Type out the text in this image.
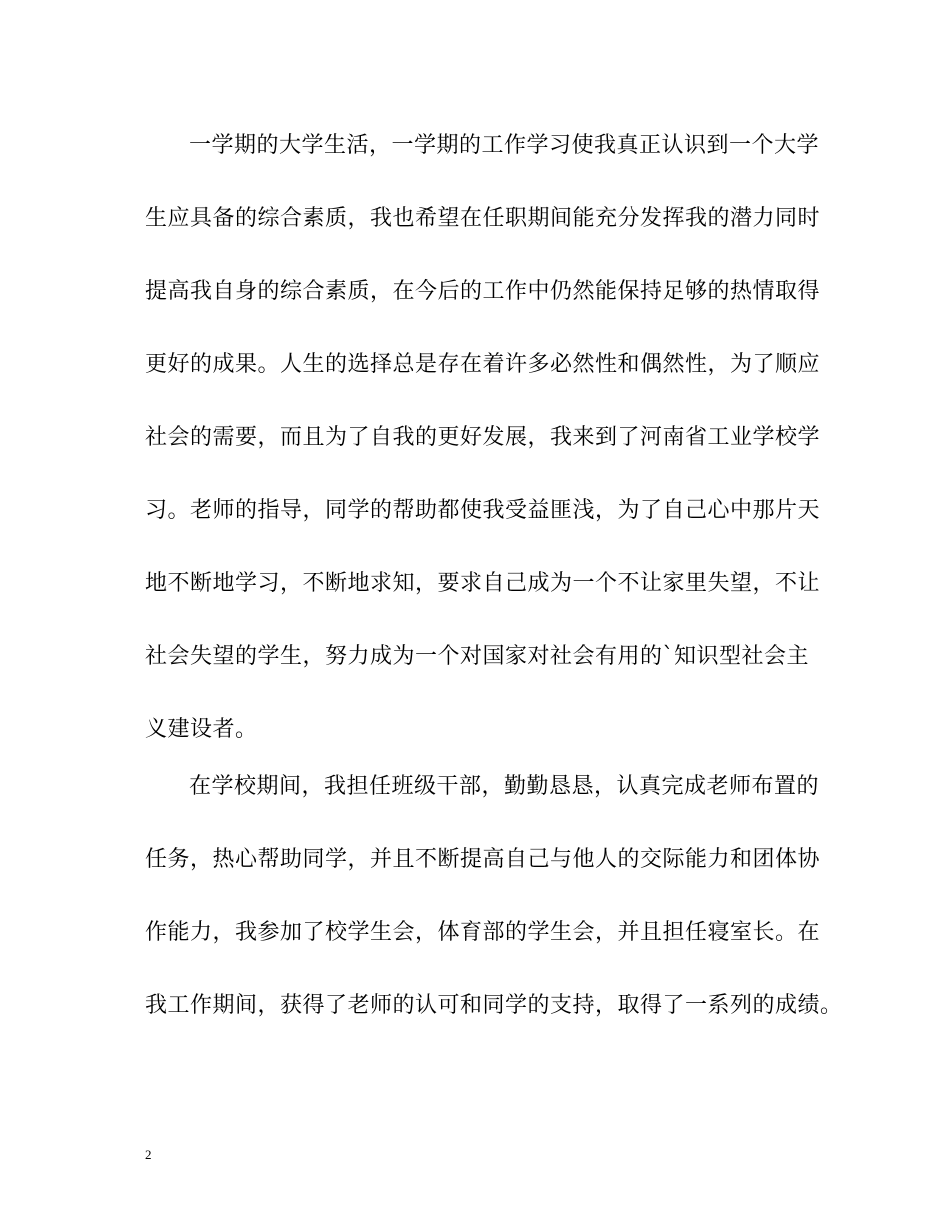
一学期的大学生活，一学期的工作学习使我真正认识到一个大学
生应具备的综合素质，我也希望在任职期间能充分发挥我的潜力同时
提高我自身的综合素质，在今后的工作中仍然能保持足够的热情取得
更好的成果。人生的选择总是存在着许多必然性和偶然性，为了顺应
社会的需要，而且为了自我的更好发展，我来到了河南省工业学校学
习。老师的指导，同学的帮助都使我受益匪浅，为了自己心中那片天
地不断地学习，不断地求知，要求自己成为一个不让家里失望，不让
社会失望的学生，努力成为一个对国家对社会有用的`知识型社会主
义建设者。
在学校期间，我担任班级干部，勤勤恳恳，认真完成老师布置的
任务，热心帮助同学，并且不断提高自己与他人的交际能力和团体协
作能力，我参加了校学生会，体育部的学生会，并且担任寝室长。在
我工作期间，获得了老师的认可和同学的支持，取得了一系列的成绩。
2
